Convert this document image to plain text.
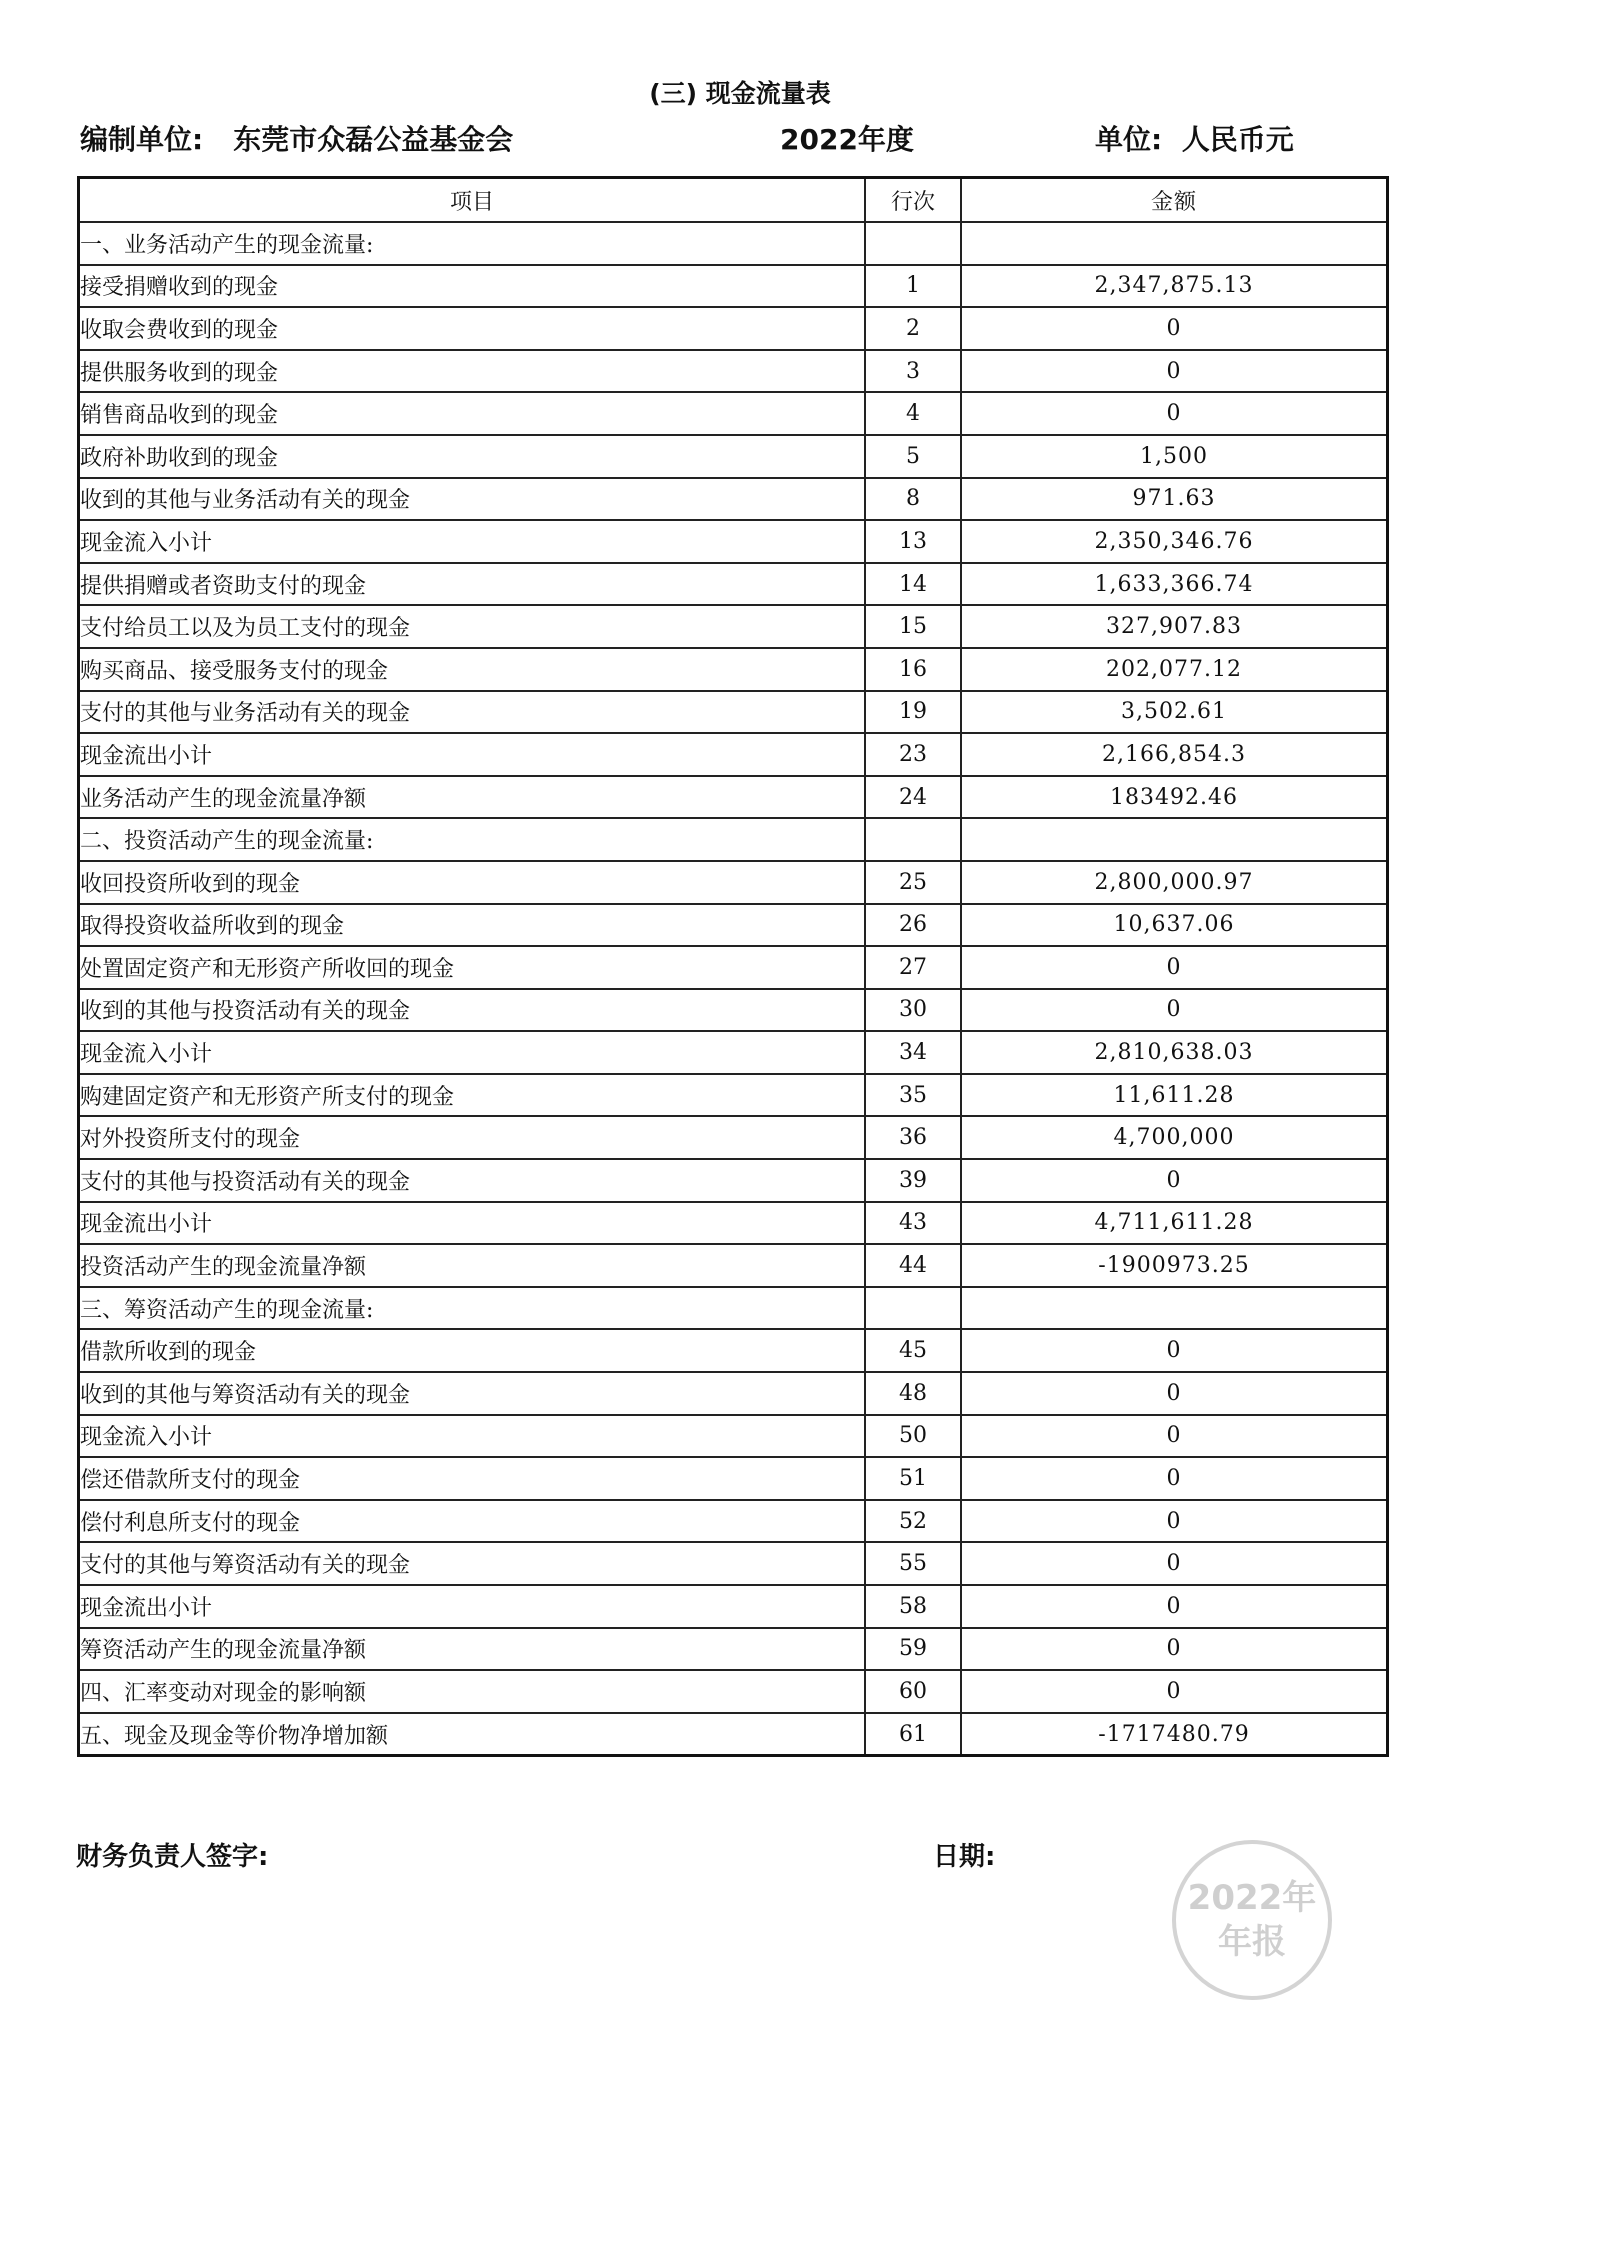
(三) 现金流量表
编制单位: 东莞市众磊公益基金会	2022年度	单位: 人民币元
项目	行次	金额
一、业务活动产生的现金流量:		
接受捐赠收到的现金	1	2,347,875.13
收取会费收到的现金	2	0
提供服务收到的现金	3	0
销售商品收到的现金	4	0
政府补助收到的现金	5	1,500
收到的其他与业务活动有关的现金	8	971.63
现金流入小计	13	2,350,346.76
提供捐赠或者资助支付的现金	14	1,633,366.74
支付给员工以及为员工支付的现金	15	327,907.83
购买商品、接受服务支付的现金	16	202,077.12
支付的其他与业务活动有关的现金	19	3,502.61
现金流出小计	23	2,166,854.3
业务活动产生的现金流量净额	24	183492.46
二、投资活动产生的现金流量:		
收回投资所收到的现金	25	2,800,000.97
取得投资收益所收到的现金	26	10,637.06
处置固定资产和无形资产所收回的现金	27	0
收到的其他与投资活动有关的现金	30	0
现金流入小计	34	2,810,638.03
购建固定资产和无形资产所支付的现金	35	11,611.28
对外投资所支付的现金	36	4,700,000
支付的其他与投资活动有关的现金	39	0
现金流出小计	43	4,711,611.28
投资活动产生的现金流量净额	44	-1900973.25
三、筹资活动产生的现金流量:		
借款所收到的现金	45	0
收到的其他与筹资活动有关的现金	48	0
现金流入小计	50	0
偿还借款所支付的现金	51	0
偿付利息所支付的现金	52	0
支付的其他与筹资活动有关的现金	55	0
现金流出小计	58	0
筹资活动产生的现金流量净额	59	0
四、汇率变动对现金的影响额	60	0
五、现金及现金等价物净增加额	61	-1717480.79
财务负责人签字:	日期:
2022年
年报
